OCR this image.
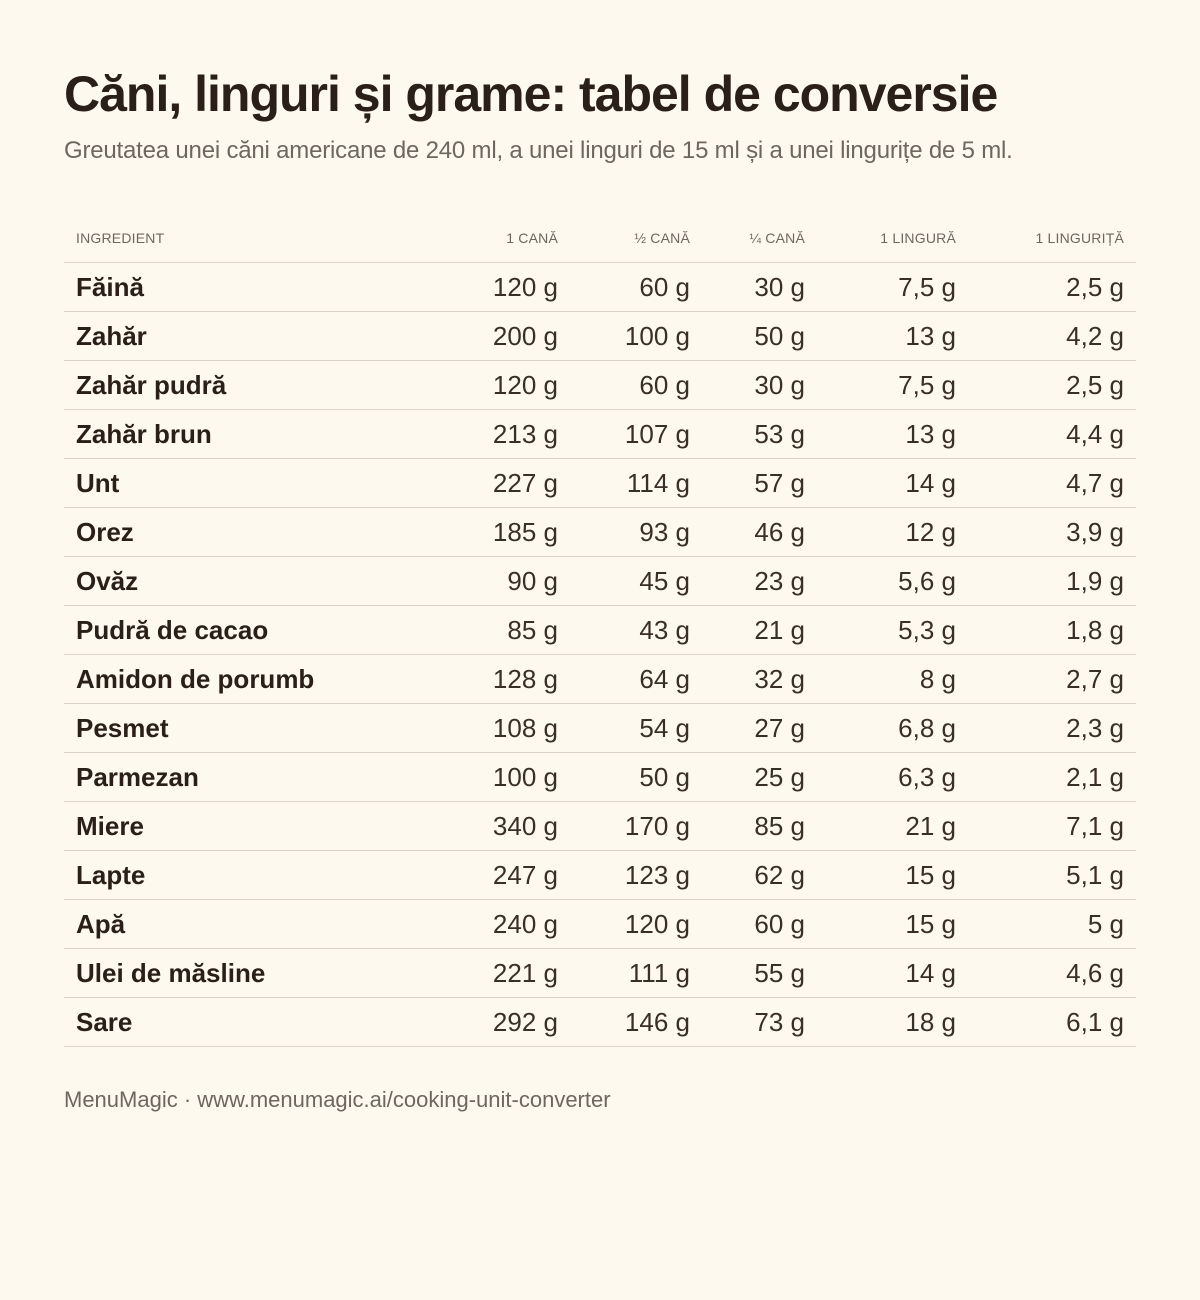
Căni, linguri și grame: tabel de conversie
Greutatea unei căni americane de 240 ml, a unei linguri de 15 ml și a unei lingurițe de 5 ml.
INGREDIENT	1 CANĂ	½ CANĂ	¼ CANĂ	1 LINGURĂ	1 LINGURIȚĂ
Făină	120 g	60 g	30 g	7,5 g	2,5 g
Zahăr	200 g	100 g	50 g	13 g	4,2 g
Zahăr pudră	120 g	60 g	30 g	7,5 g	2,5 g
Zahăr brun	213 g	107 g	53 g	13 g	4,4 g
Unt	227 g	114 g	57 g	14 g	4,7 g
Orez	185 g	93 g	46 g	12 g	3,9 g
Ovăz	90 g	45 g	23 g	5,6 g	1,9 g
Pudră de cacao	85 g	43 g	21 g	5,3 g	1,8 g
Amidon de porumb	128 g	64 g	32 g	8 g	2,7 g
Pesmet	108 g	54 g	27 g	6,8 g	2,3 g
Parmezan	100 g	50 g	25 g	6,3 g	2,1 g
Miere	340 g	170 g	85 g	21 g	7,1 g
Lapte	247 g	123 g	62 g	15 g	5,1 g
Apă	240 g	120 g	60 g	15 g	5 g
Ulei de măsline	221 g	111 g	55 g	14 g	4,6 g
Sare	292 g	146 g	73 g	18 g	6,1 g
MenuMagic · www.menumagic.ai/cooking-unit-converter
